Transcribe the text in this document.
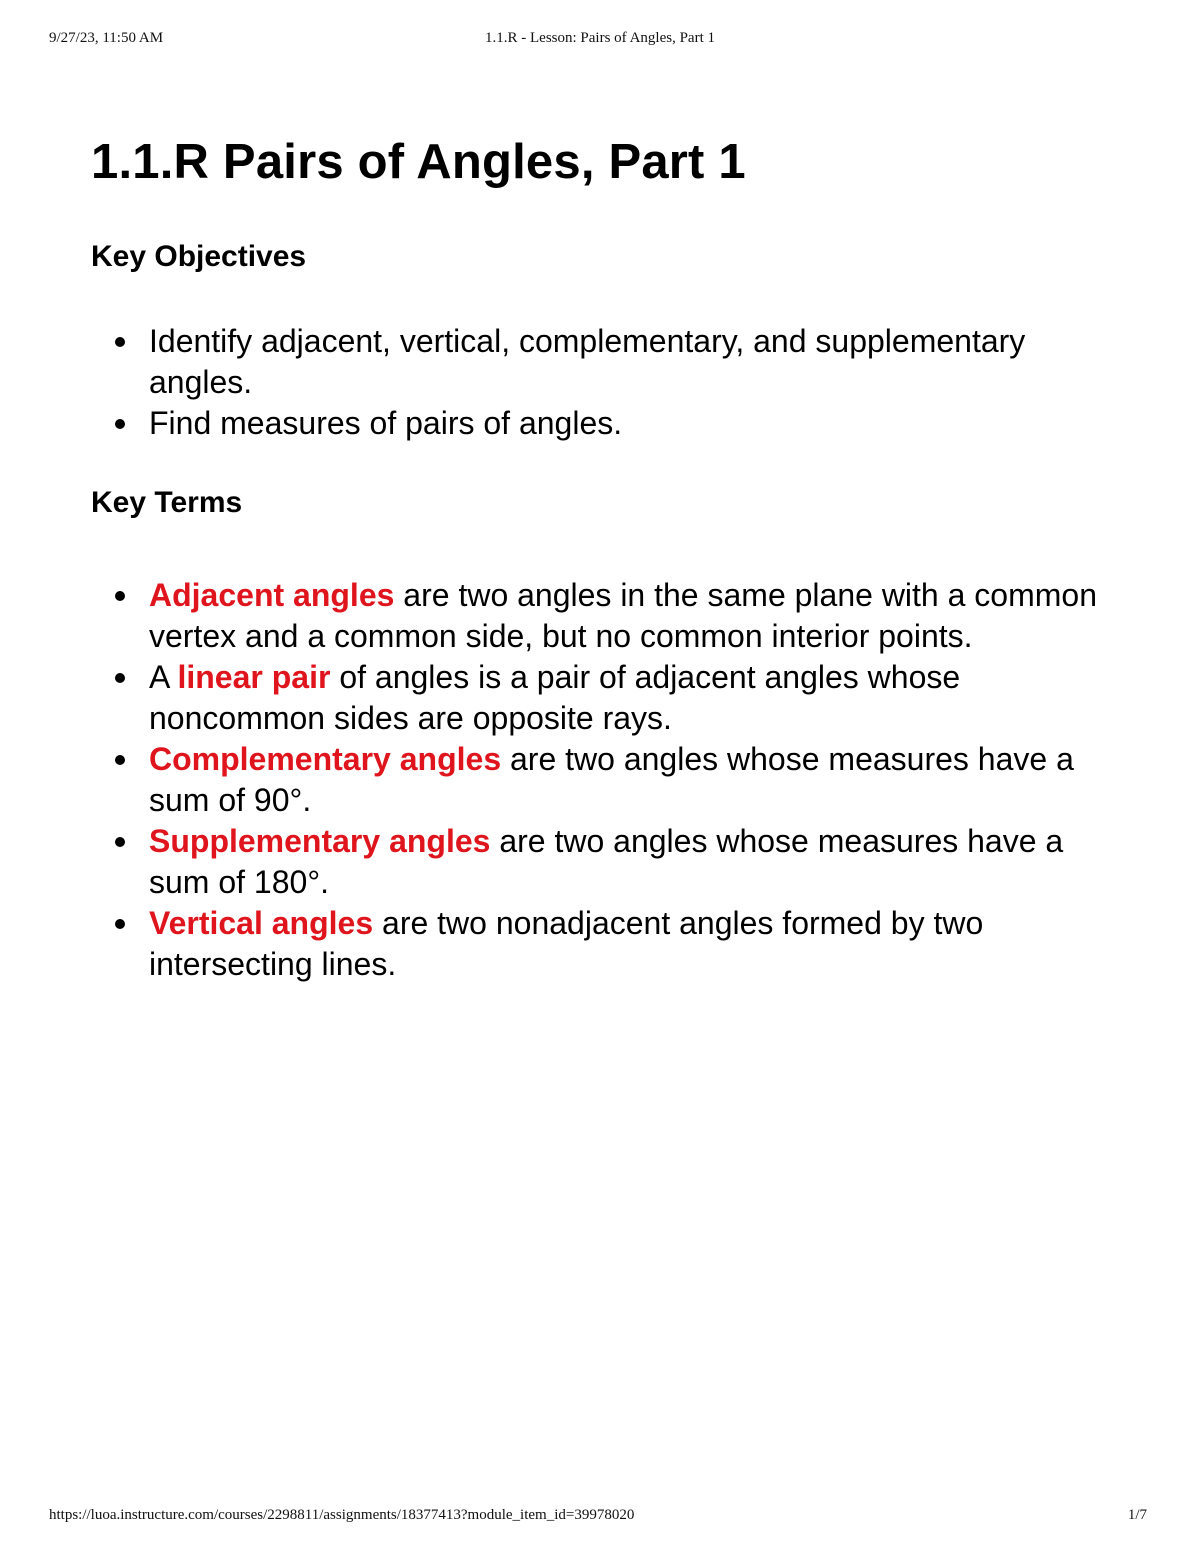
9/27/23, 11:50 AM	1.1.R - Lesson: Pairs of Angles, Part 1
1.1.R Pairs of Angles, Part 1
Key Objectives
Identify adjacent, vertical, complementary, and supplementary angles.
Find measures of pairs of angles.
Key Terms
Adjacent angles are two angles in the same plane with a common vertex and a common side, but no common interior points.
A linear pair of angles is a pair of adjacent angles whose noncommon sides are opposite rays.
Complementary angles are two angles whose measures have a sum of 90°.
Supplementary angles are two angles whose measures have a sum of 180°.
Vertical angles are two nonadjacent angles formed by two intersecting lines.
https://luoa.instructure.com/courses/2298811/assignments/18377413?module_item_id=39978020	1/7
